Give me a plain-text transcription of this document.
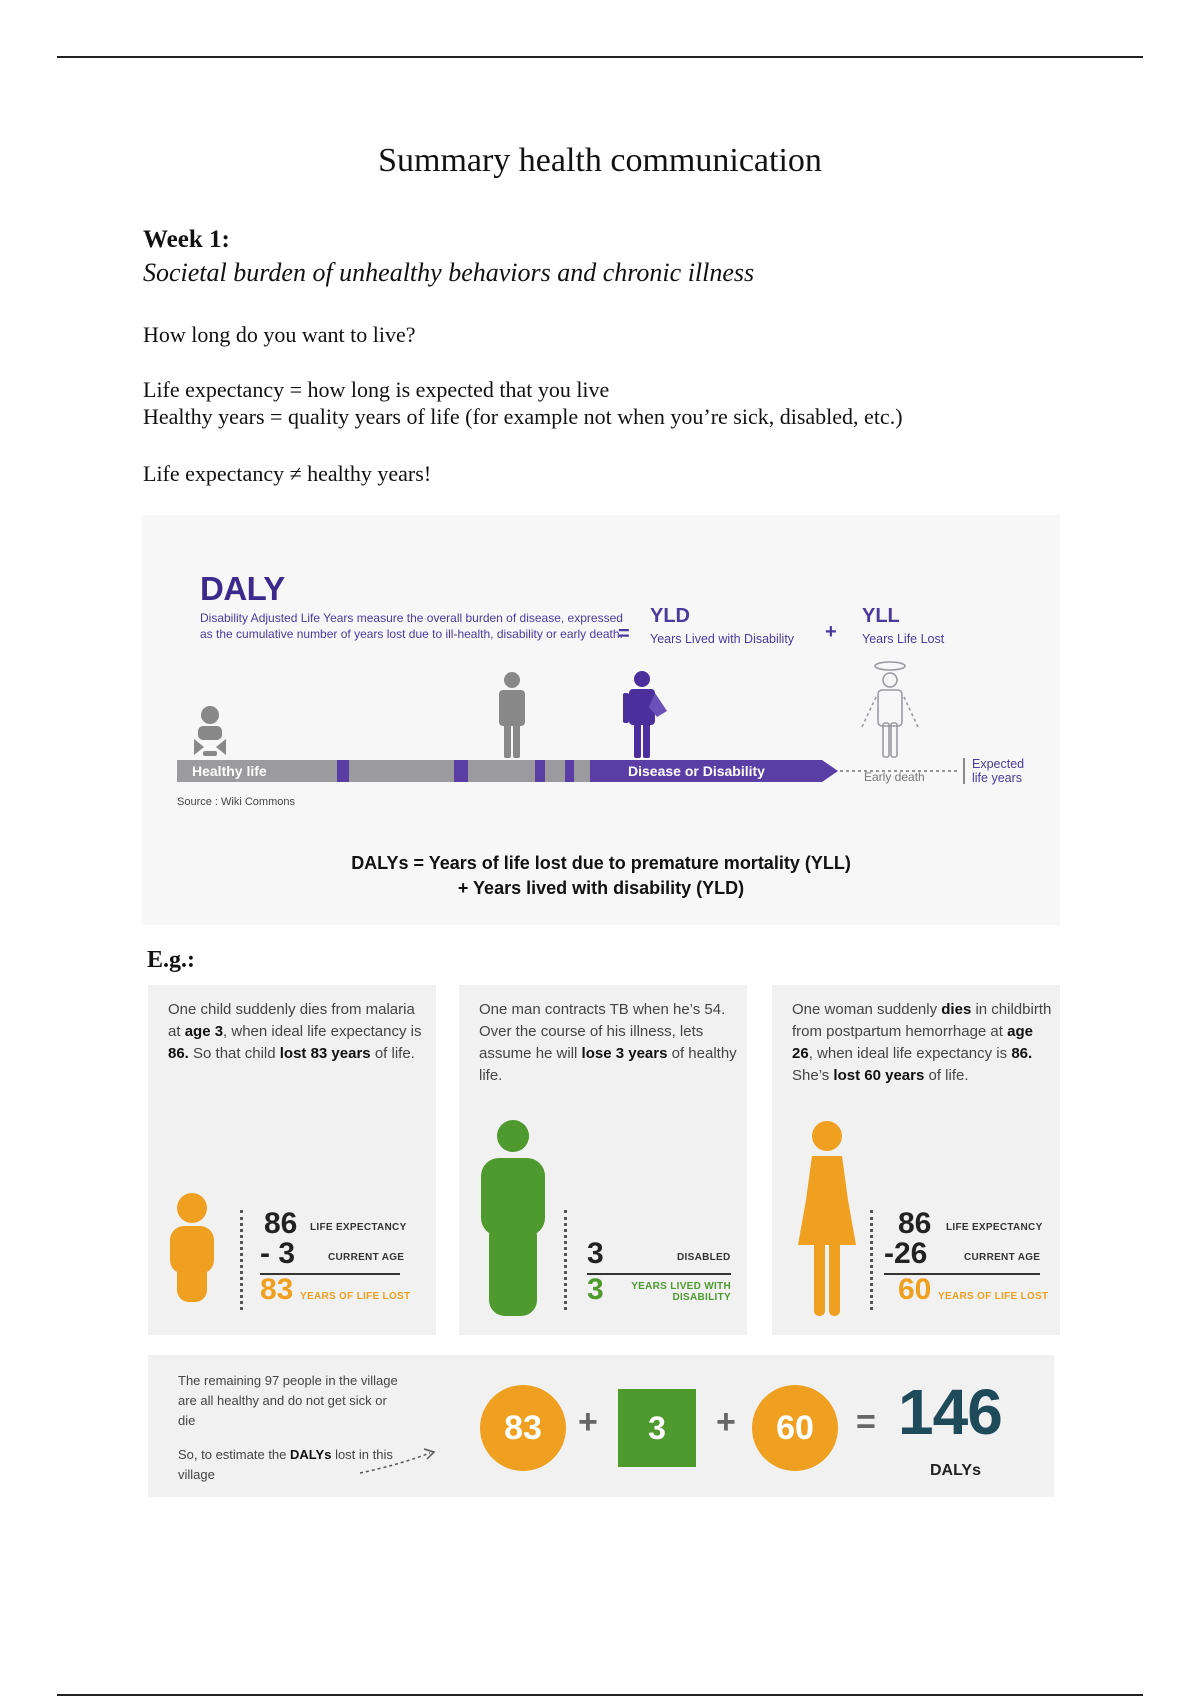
Summary health communication
Week 1:
Societal burden of unhealthy behaviors and chronic illness
How long do you want to live?
Life expectancy = how long is expected that you live
Healthy years = quality years of life (for example not when you’re sick, disabled, etc.)
Life expectancy ≠ healthy years!
DALY
Disability Adjusted Life Years measure the overall burden of disease, expressed as the cumulative number of years lost due to ill-health, disability or early death.
=
YLD
Years Lived with Disability +
YLL
Years Life Lost
Healthy life	Disease or Disability	Early death
Expected life years
Source : Wiki Commons
DALYs = Years of life lost due to premature mortality (YLL)
+ Years lived with disability (YLD)
E.g.:
One child suddenly dies from malaria at age 3, when ideal life expectancy is 86. So that child lost 83 years of life.
86 LIFE EXPECTANCY
- 3	CURRENT AGE
83 YEARS OF LIFE LOST
One man contracts TB when he’s 54. Over the course of his illness, lets assume he will lose 3 years of healthy life.
3	DISABLED
3	YEARS LIVED WITH DISABILITY
One woman suddenly dies in childbirth from postpartum hemorrhage at age 26, when ideal life expectancy is 86. She’s lost 60 years of life.
86 LIFE EXPECTANCY
-26	CURRENT AGE
60 YEARS OF LIFE LOST
The remaining 97 people in the village are all healthy and do not get sick or die
So, to estimate the DALYs lost in this village
83	+	3	+	60	= 146
DALYs
